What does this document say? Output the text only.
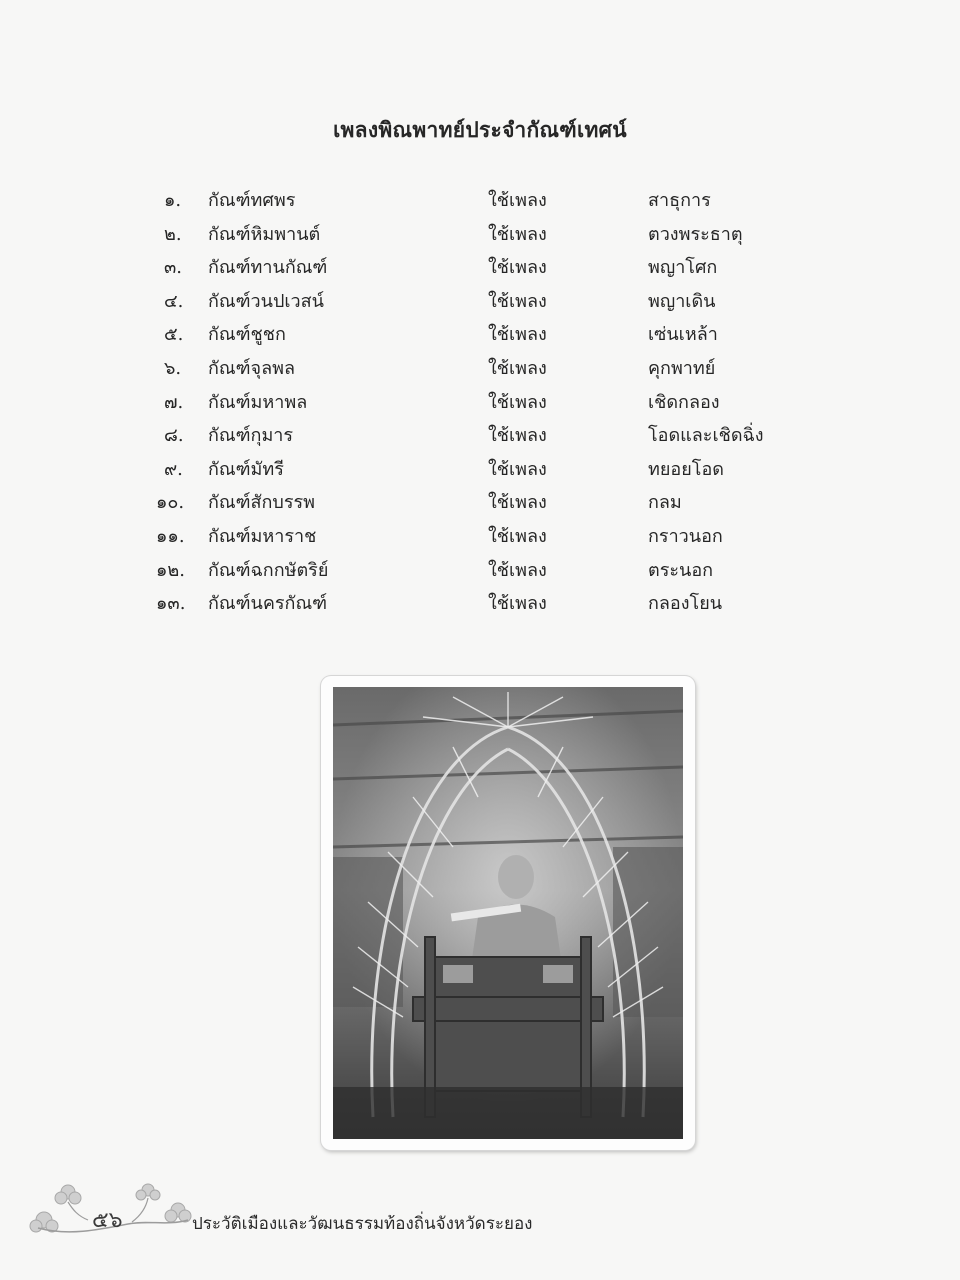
เพลงพิณพาทย์ประจำกัณฑ์เทศน์
๑. กัณฑ์ทศพร	ใช้เพลง	สาธุการ
๒. กัณฑ์หิมพานต์	ใช้เพลง	ตวงพระธาตุ
๓. กัณฑ์ทานกัณฑ์	ใช้เพลง	พญาโศก
๔. กัณฑ์วนปเวสน์	ใช้เพลง	พญาเดิน
๕. กัณฑ์ชูชก	ใช้เพลง	เซ่นเหล้า
๖. กัณฑ์จุลพล	ใช้เพลง	คุกพาทย์
๗. กัณฑ์มหาพล	ใช้เพลง	เชิดกลอง
๘. กัณฑ์กุมาร	ใช้เพลง	โอดและเชิดฉิ่ง
๙. กัณฑ์มัทรี	ใช้เพลง	ทยอยโอด
๑๐. กัณฑ์สักบรรพ	ใช้เพลง	กลม
๑๑. กัณฑ์มหาราช	ใช้เพลง	กราวนอก
๑๒. กัณฑ์ฉกกษัตริย์	ใช้เพลง	ตระนอก
๑๓. กัณฑ์นครกัณฑ์	ใช้เพลง	กลองโยน
๕๖	ประวัติเมืองและวัฒนธรรมท้องถิ่นจังหวัดระยอง
